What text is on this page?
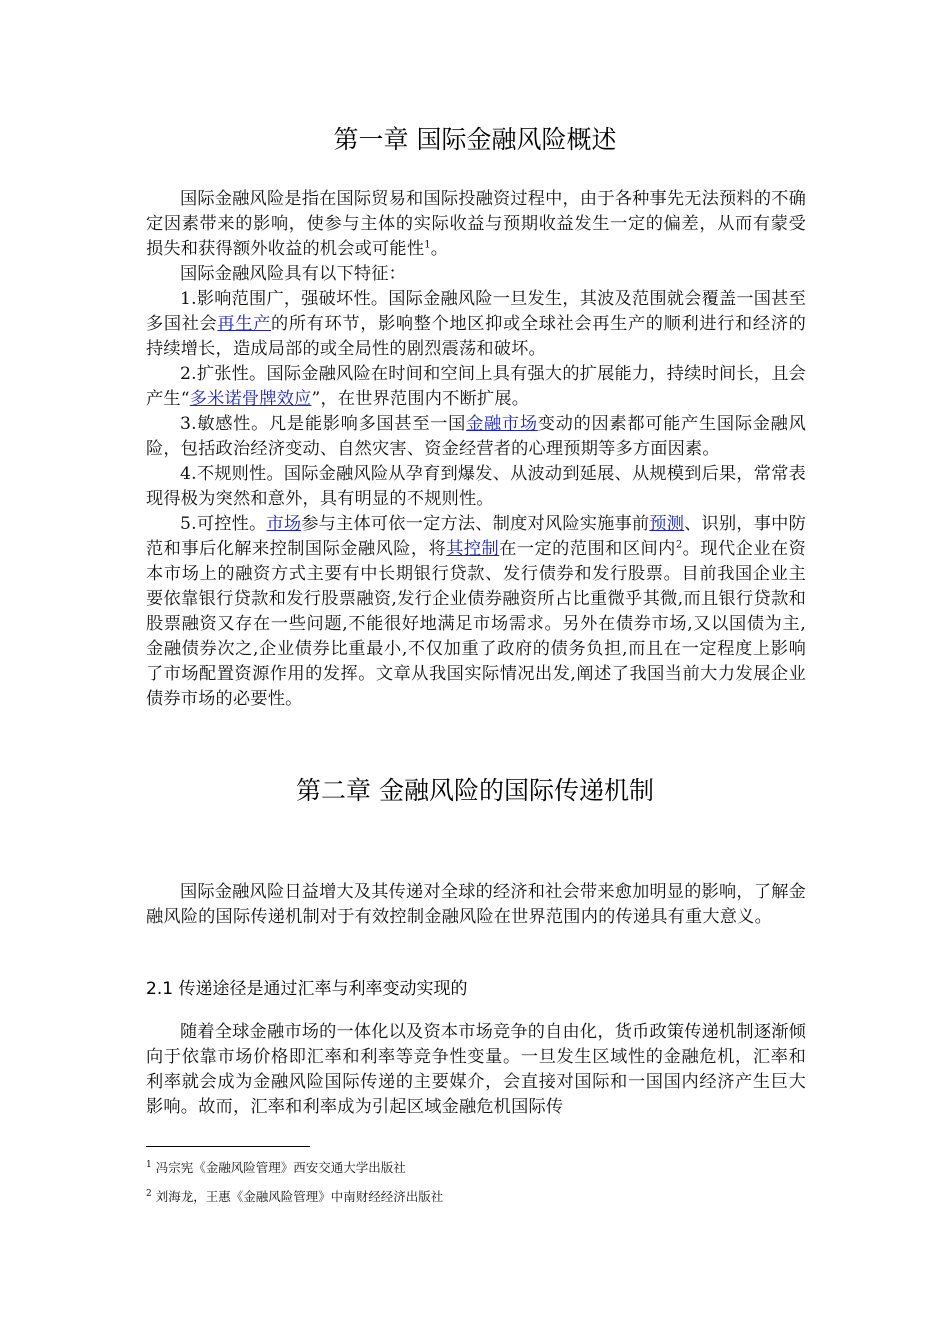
第一章 国际金融风险概述

国际金融风险是指在国际贸易和国际投融资过程中，由于各种事先无法预料的不确定因素带来的影响，使参与主体的实际收益与预期收益发生一定的偏差，从而有蒙受损失和获得额外收益的机会或可能性$^1$。

国际金融风险具有以下特征：

1.影响范围广，强破坏性。国际金融风险一旦发生，其波及范围就会覆盖一国甚至多国社会再生产的所有环节，影响整个地区抑或全球社会再生产的顺利进行和经济的持续增长，造成局部的或全局性的剧烈震荡和破坏。

2.扩张性。国际金融风险在时间和空间上具有强大的扩展能力，持续时间长，且会产生“多米诺骨牌效应”，在世界范围内不断扩展。

3.敏感性。凡是能影响多国甚至一国金融市场变动的因素都可能产生国际金融风险，包括政治经济变动、自然灾害、资金经营者的心理预期等多方面因素。

4.不规则性。国际金融风险从孕育到爆发、从波动到延展、从规模到后果，常常表现得极为突然和意外，具有明显的不规则性。

5.可控性。市场参与主体可依一定方法、制度对风险实施事前预测、识别，事中防范和事后化解来控制国际金融风险，将其控制在一定的范围和区间内$^2$。现代企业在资本市场上的融资方式主要有中长期银行贷款、发行债券和发行股票。目前我国企业主要依靠银行贷款和发行股票融资,发行企业债券融资所占比重微乎其微,而且银行贷款和股票融资又存在一些问题,不能很好地满足市场需求。另外在债券市场,又以国债为主,金融债券次之,企业债券比重最小,不仅加重了政府的债务负担,而且在一定程度上影响了市场配置资源作用的发挥。文章从我国实际情况出发,阐述了我国当前大力发展企业债券市场的必要性。

第二章 金融风险的国际传递机制

国际金融风险日益增大及其传递对全球的经济和社会带来愈加明显的影响，了解金融风险的国际传递机制对于有效控制金融风险在世界范围内的传递具有重大意义。

2.1 传递途径是通过汇率与利率变动实现的

随着全球金融市场的一体化以及资本市场竞争的自由化，货币政策传递机制逐渐倾向于依靠市场价格即汇率和利率等竞争性变量。一旦发生区域性的金融危机，汇率和利率就会成为金融风险国际传递的主要媒介，会直接对国际和一国国内经济产生巨大影响。故而，汇率和利率成为引起区域金融危机国际传

$^1$ 冯宗宪《金融风险管理》西安交通大学出版社

$^2$ 刘海龙，王惠《金融风险管理》中南财经经济出版社
